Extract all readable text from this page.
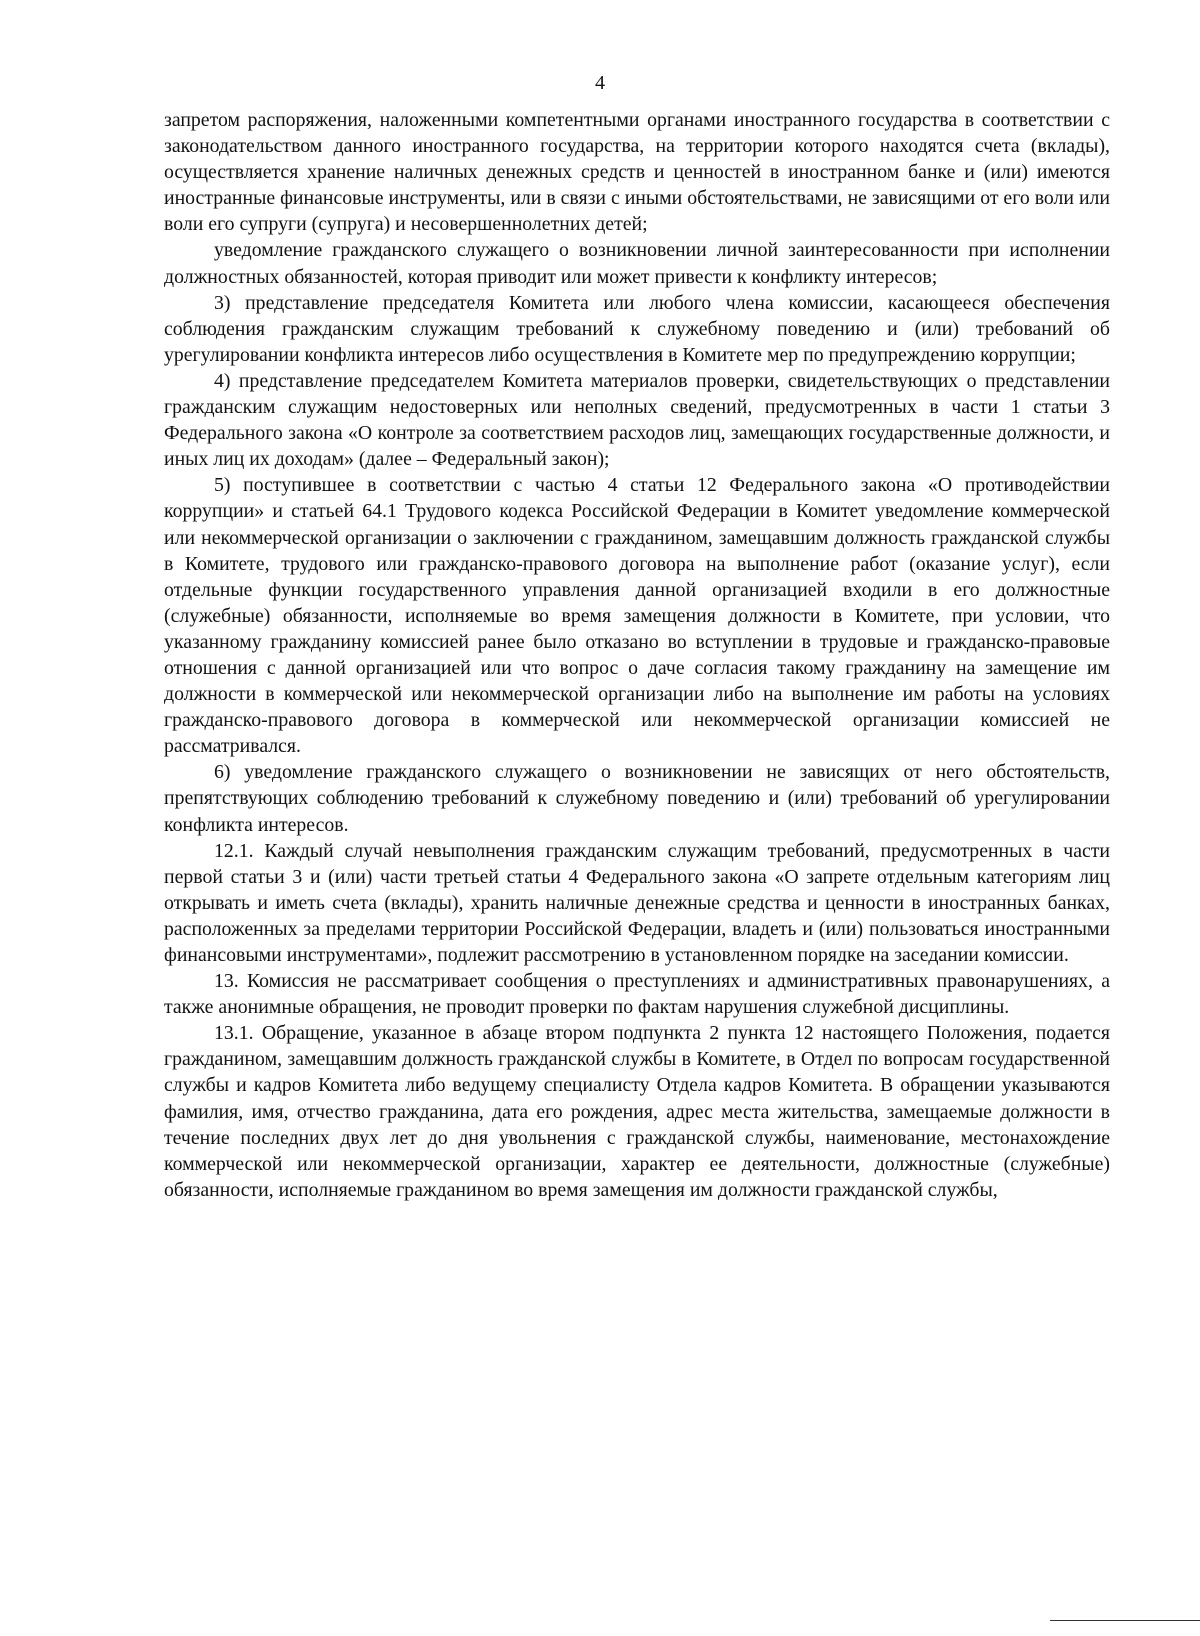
4

запретом распоряжения, наложенными компетентными органами иностранного государства в соответствии с законодательством данного иностранного государства, на территории которого находятся счета (вклады), осуществляется хранение наличных денежных средств и ценностей в иностранном банке и (или) имеются иностранные финансовые инструменты, или в связи с иными обстоятельствами, не зависящими от его воли или воли его супруги (супруга) и несовершеннолетних детей;

уведомление гражданского служащего о возникновении личной заинтересованности при исполнении должностных обязанностей, которая приводит или может привести к конфликту интересов;

3) представление председателя Комитета или любого члена комиссии, касающееся обеспечения соблюдения гражданским служащим требований к служебному поведению и (или) требований об урегулировании конфликта интересов либо осуществления в Комитете мер по предупреждению коррупции;

4) представление председателем Комитета материалов проверки, свидетельствующих о представлении гражданским служащим недостоверных или неполных сведений, предусмотренных в части 1 статьи 3 Федерального закона «О контроле за соответствием расходов лиц, замещающих государственные должности, и иных лиц их доходам» (далее – Федеральный закон);

5) поступившее в соответствии с частью 4 статьи 12 Федерального закона «О противодействии коррупции» и статьей 64.1 Трудового кодекса Российской Федерации в Комитет уведомление коммерческой или некоммерческой организации о заключении с гражданином, замещавшим должность гражданской службы в Комитете, трудового или гражданско-правового договора на выполнение работ (оказание услуг), если отдельные функции государственного управления данной организацией входили в его должностные (служебные) обязанности, исполняемые во время замещения должности в Комитете, при условии, что указанному гражданину комиссией ранее было отказано во вступлении в трудовые и гражданско-правовые отношения с данной организацией или что вопрос о даче согласия такому гражданину на замещение им должности в коммерческой или некоммерческой организации либо на выполнение им работы на условиях гражданско-правового договора в коммерческой или некоммерческой организации комиссией не рассматривался.

6) уведомление гражданского служащего о возникновении не зависящих от него обстоятельств, препятствующих соблюдению требований к служебному поведению и (или) требований об урегулировании конфликта интересов.

12.1. Каждый случай невыполнения гражданским служащим требований, предусмотренных в части первой статьи 3 и (или) части третьей статьи 4 Федерального закона «О запрете отдельным категориям лиц открывать и иметь счета (вклады), хранить наличные денежные средства и ценности в иностранных банках, расположенных за пределами территории Российской Федерации, владеть и (или) пользоваться иностранными финансовыми инструментами», подлежит рассмотрению в установленном порядке на заседании комиссии.

13. Комиссия не рассматривает сообщения о преступлениях и административных правонарушениях, а также анонимные обращения, не проводит проверки по фактам нарушения служебной дисциплины.

13.1. Обращение, указанное в абзаце втором подпункта 2 пункта 12 настоящего Положения, подается гражданином, замещавшим должность гражданской службы в Комитете, в Отдел по вопросам государственной службы и кадров Комитета либо ведущему специалисту Отдела кадров Комитета. В обращении указываются фамилия, имя, отчество гражданина, дата его рождения, адрес места жительства, замещаемые должности в течение последних двух лет до дня увольнения с гражданской службы, наименование, местонахождение коммерческой или некоммерческой организации, характер ее деятельности, должностные (служебные) обязанности, исполняемые гражданином во время замещения им должности гражданской службы,
